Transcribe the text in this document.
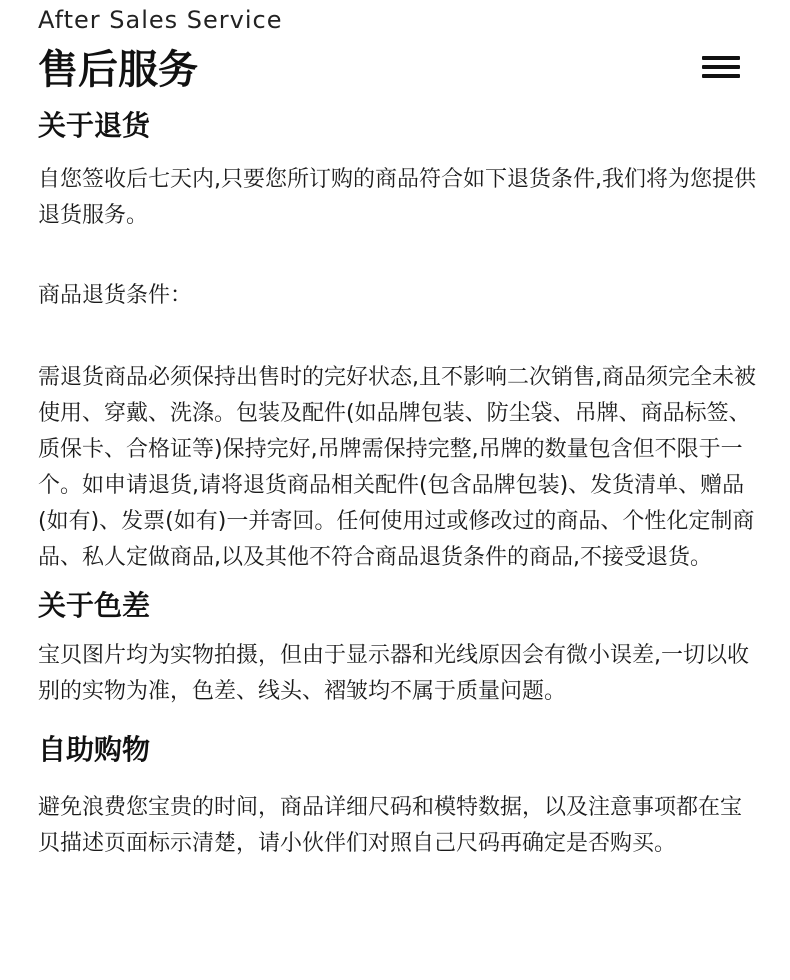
After Sales Service
售后服务
关于退货

自您签收后七天内,只要您所订购的商品符合如下退货条件,我们将为您提供退货服务。

商品退货条件：

需退货商品必须保持出售时的完好状态,且不影响二次销售,商品须完全未被使用、穿戴、洗涤。包装及配件(如品牌包装、防尘袋、吊牌、商品标签、质保卡、合格证等)保持完好,吊牌需保持完整,吊牌的数量包含但不限于一个。如申请退货,请将退货商品相关配件(包含品牌包装)、发货清单、赠品(如有)、发票(如有)一并寄回。任何使用过或修改过的商品、个性化定制商品、私人定做商品,以及其他不符合商品退货条件的商品,不接受退货。

关于色差

宝贝图片均为实物拍摄，但由于显示器和光线原因会有微小误差,一切以收别的实物为准，色差、线头、褶皱均不属于质量问题。

自助购物

避免浪费您宝贵的时间，商品详细尺码和模特数据，以及注意事项都在宝贝描述页面标示清楚，请小伙伴们对照自己尺码再确定是否购买。
